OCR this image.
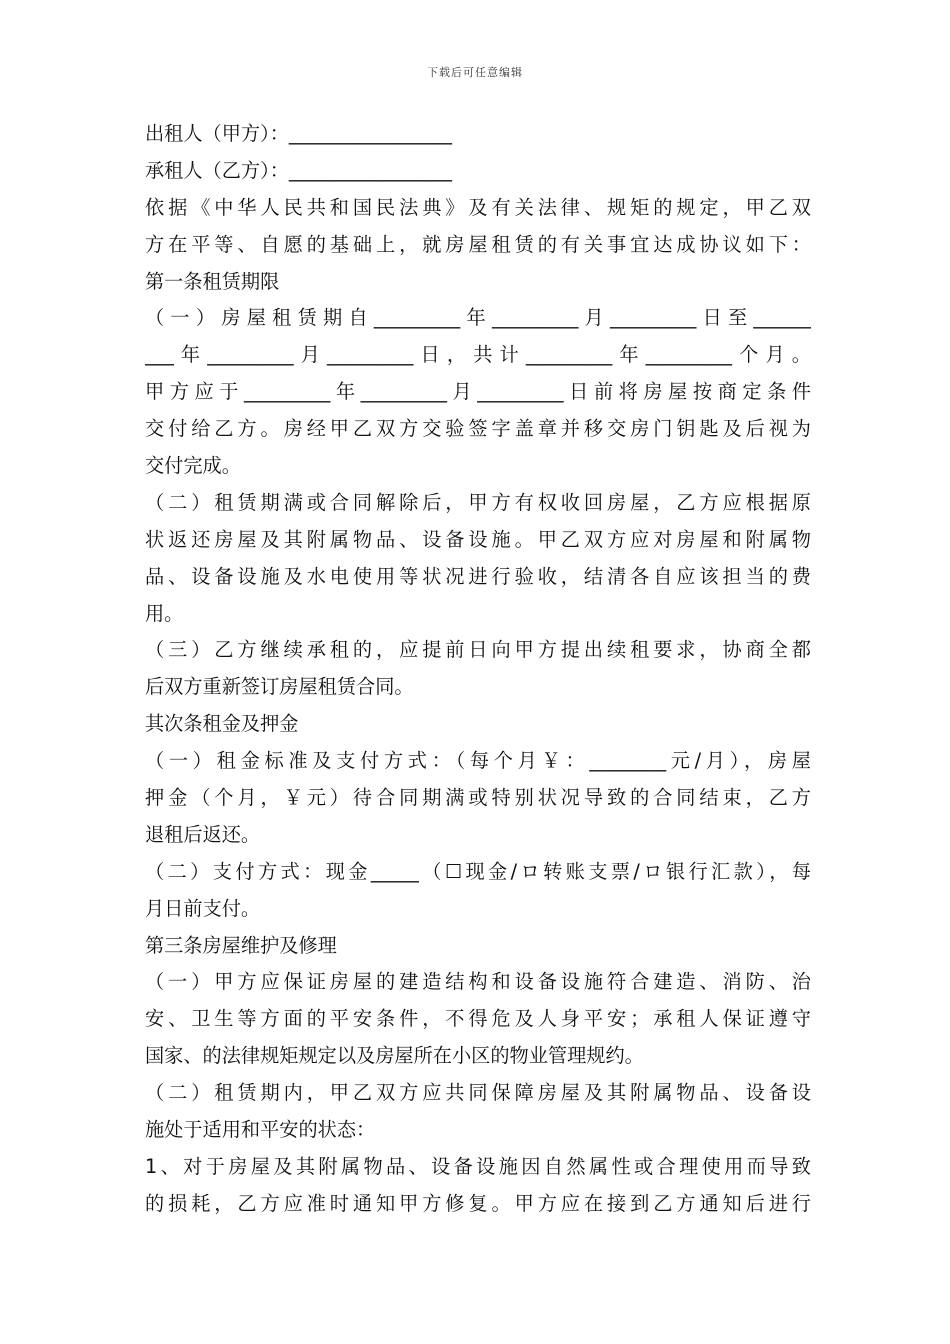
下载后可任意编辑
出租人（甲方）：_________________
承租人（乙方）：_________________
依据《中华人民共和国民法典》及有关法律、规矩的规定，甲乙双
方在平等、自愿的基础上，就房屋租赁的有关事宜达成协议如下：
第一条租赁期限
（一）房屋租赁期自_________年_________月_________日至______
___年_________月_________日，共计_________年_________个月。
甲方应于_________年_________月_________日前将房屋按商定条件
交付给乙方。房经甲乙双方交验签字盖章并移交房门钥匙及后视为
交付完成。
（二）租赁期满或合同解除后，甲方有权收回房屋，乙方应根据原
状返还房屋及其附属物品、设备设施。甲乙双方应对房屋和附属物
品、设备设施及水电使用等状况进行验收，结清各自应该担当的费
用。
（三）乙方继续承租的，应提前日向甲方提出续租要求，协商全都
后双方重新签订房屋租赁合同。
其次条租金及押金
（一）租金标准及支付方式：（每个月￥：________元/月），房屋
押金（个月，￥元）待合同期满或特别状况导致的合同结束，乙方
退租后返还。
（二）支付方式：现金_____（☐现金/ロ转账支票/ロ银行汇款），每
月日前支付。
第三条房屋维护及修理
（一）甲方应保证房屋的建造结构和设备设施符合建造、消防、治
安、卫生等方面的平安条件，不得危及人身平安；承租人保证遵守
国家、的法律规矩规定以及房屋所在小区的物业管理规约。
（二）租赁期内，甲乙双方应共同保障房屋及其附属物品、设备设
施处于适用和平安的状态：
1、对于房屋及其附属物品、设备设施因自然属性或合理使用而导致
的损耗，乙方应准时通知甲方修复。甲方应在接到乙方通知后进行
